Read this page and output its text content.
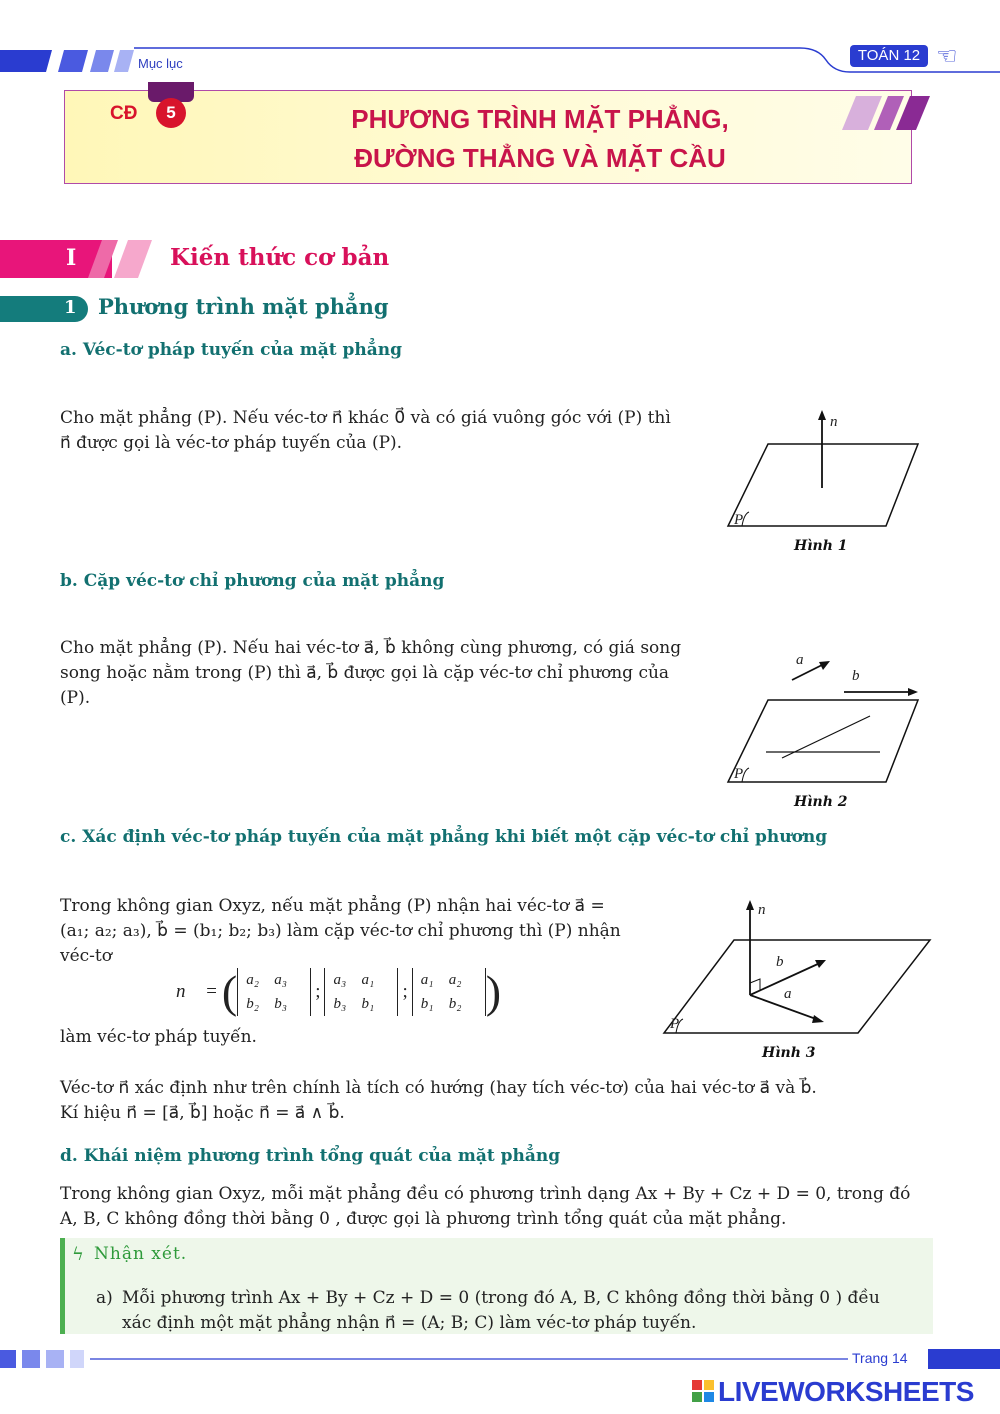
Mục lục	TOÁN 12 ☜
CĐ	5	PHƯƠNG TRÌNH MẶT PHẲNG,
ĐƯỜNG THẲNG VÀ MẶT CẦU
I	Kiến thức cơ bản
1 Phương trình mặt phẳng
a. Véc-tơ pháp tuyến của mặt phẳng
Cho mặt phẳng (P). Nếu véc-tơ n⃗ khác 0⃗ và có giá vuông góc với (P) thì
n⃗ được gọi là véc-tơ pháp tuyến của (P).
n⃗
P
Hình 1
b. Cặp véc-tơ chỉ phương của mặt phẳng
Cho mặt phẳng (P). Nếu hai véc-tơ a⃗, b⃗ không cùng phương, có giá song
song hoặc nằm trong (P) thì a⃗, b⃗ được gọi là cặp véc-tơ chỉ phương của
(P).
a⃗
b⃗
P
Hình 2
c. Xác định véc-tơ pháp tuyến của mặt phẳng khi biết một cặp véc-tơ chỉ phương
Trong không gian Oxyz, nếu mặt phẳng (P) nhận hai véc-tơ a⃗ =
(a₁; a₂; a₃), b⃗ = (b₁; b₂; b₃) làm cặp véc-tơ chỉ phương thì (P) nhận
véc-tơ
n⃗ = ( a₂	a₃
b₂	b₃
;
a₃	a₁
b₃	b₁
;
a₁	a₂
b₁	b₂ )
làm véc-tơ pháp tuyến.
n⃗
b⃗
a⃗
P
Hình 3
Véc-tơ n⃗ xác định như trên chính là tích có hướng (hay tích véc-tơ) của hai véc-tơ a⃗ và b⃗.
Kí hiệu n⃗ = [a⃗, b⃗] hoặc n⃗ = a⃗ ∧ b⃗.
d. Khái niệm phương trình tổng quát của mặt phẳng
Trong không gian Oxyz, mỗi mặt phẳng đều có phương trình dạng Ax + By + Cz + D = 0, trong đó
A, B, C không đồng thời bằng 0 , được gọi là phương trình tổng quát của mặt phẳng.
ϟ Nhận xét.
a) Mỗi phương trình Ax + By + Cz + D = 0 (trong đó A, B, C không đồng thời bằng 0 ) đều
xác định một mặt phẳng nhận n⃗ = (A; B; C) làm véc-tơ pháp tuyến.
Trang 14
LIVEWORKSHEETS
